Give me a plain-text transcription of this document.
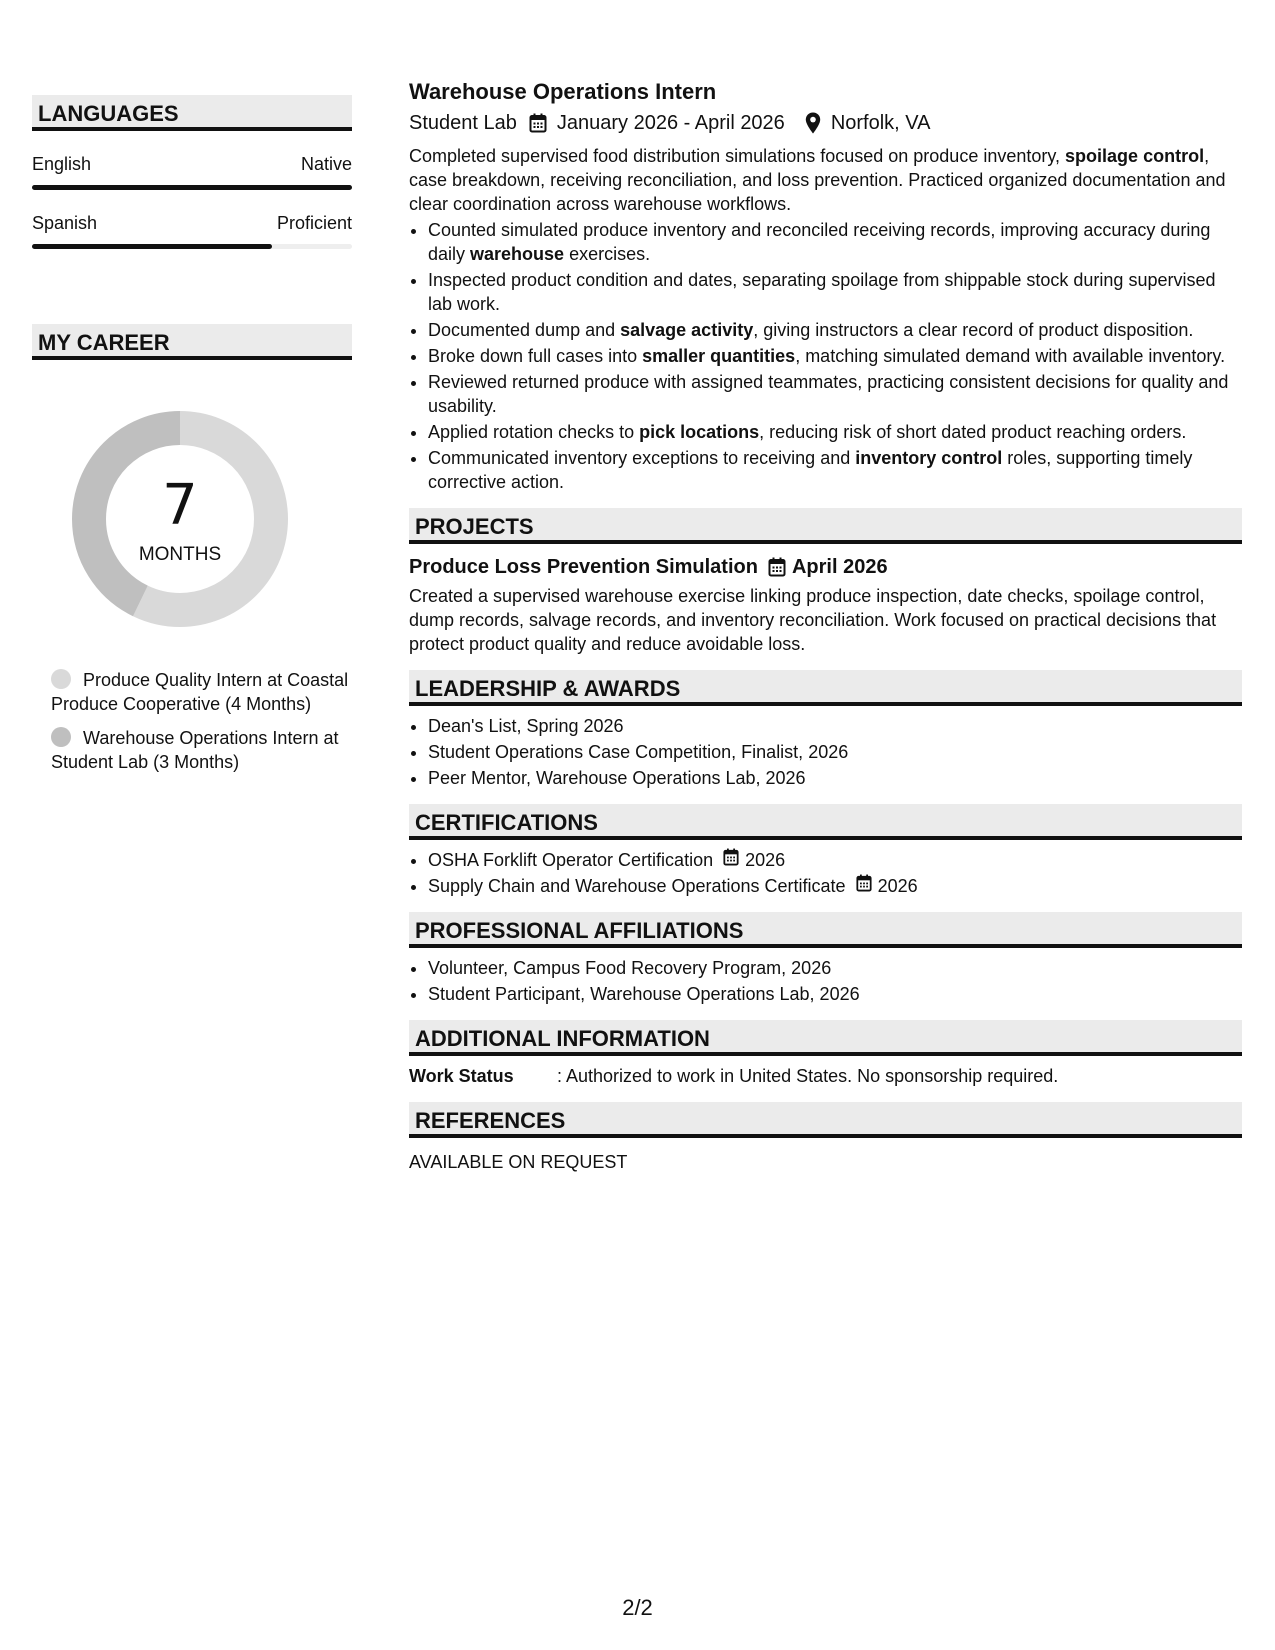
LANGUAGES
English	Native
Spanish	Proficient
MY CAREER
7
MONTHS
Produce Quality Intern at Coastal Produce Cooperative (4 Months)
Warehouse Operations Intern at Student Lab (3 Months)
Warehouse Operations Intern
Student Lab January 2026 - April 2026 Norfolk, VA

Completed supervised food distribution simulations focused on produce inventory, spoilage control, case breakdown, receiving reconciliation, and loss prevention. Practiced organized documentation and clear coordination across warehouse workflows.

• Counted simulated produce inventory and reconciled receiving records, improving accuracy during daily warehouse exercises.
• Inspected product condition and dates, separating spoilage from shippable stock during supervised lab work.
• Documented dump and salvage activity, giving instructors a clear record of product disposition.
• Broke down full cases into smaller quantities, matching simulated demand with available inventory.
• Reviewed returned produce with assigned teammates, practicing consistent decisions for quality and usability.
• Applied rotation checks to pick locations, reducing risk of short dated product reaching orders.
• Communicated inventory exceptions to receiving and inventory control roles, supporting timely corrective action.
PROJECTS
Produce Loss Prevention Simulation April 2026

Created a supervised warehouse exercise linking produce inspection, date checks, spoilage control, dump records, salvage records, and inventory reconciliation. Work focused on practical decisions that protect product quality and reduce avoidable loss.

LEADERSHIP & AWARDS
• Dean's List, Spring 2026
• Student Operations Case Competition, Finalist, 2026
• Peer Mentor, Warehouse Operations Lab, 2026
CERTIFICATIONS
• OSHA Forklift Operator Certification 2026
• Supply Chain and Warehouse Operations Certificate 2026
PROFESSIONAL AFFILIATIONS
• Volunteer, Campus Food Recovery Program, 2026
• Student Participant, Warehouse Operations Lab, 2026
ADDITIONAL INFORMATION
Work Status	: Authorized to work in United States. No sponsorship required.
REFERENCES
AVAILABLE ON REQUEST
2/2
